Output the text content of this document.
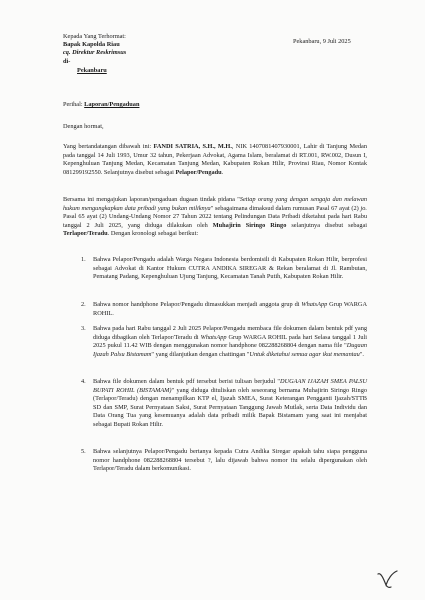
Kepada Yang Terhormat:
Bapak Kapolda Riau
cq. Direktur Reskrimsus
di-
Pekanbaru
Pekanbaru, 9 Juli 2025
Perihal: Laporan/Pengaduan
Dengan hormat,
Yang bertandatangan dibawah ini: FANDI SATRIA, S.H., M.H., NIK 1407081407930001, Lahir di Tanjung Medan pada tanggal 14 Juli 1993, Umur 32 tahun, Pekerjaan Advokat, Agama Islam, beralamat di RT.001, RW.002, Dusun I, Kepenghuluan Tanjung Medan, Kecamatan Tanjung Medan, Kabupaten Rokan Hilir, Provinsi Riau, Nomor Kontak 081299192550. Selanjutnya disebut sebagai Pelapor/Pengadu.
Bersama ini mengajukan laporan/pengaduan dugaan tindak pidana "Setiap orang yang dengan sengaja dan melawan hukum mengungkapkan data pribadi yang bukan miliknya" sebagaimana dimaksud dalam rumusan Pasal 67 ayat (2) jo. Pasal 65 ayat (2) Undang-Undang Nomor 27 Tahun 2022 tentang Pelindungan Data Pribadi diketahui pada hari Rabu tanggal 2 Juli 2025, yang diduga dilakukan oleh Muhajirin Siringo Ringo selanjutnya disebut sebagai Terlapor/Teradu. Dengan kronologi sebagai berikut:
1. Bahwa Pelapor/Pengadu adalah Warga Negara Indonesia berdomisili di Kabupaten Rokan Hilir, berprofesi sebagai Advokat di Kantor Hukum CUTRA ANDIKA SIREGAR & Rekan beralamat di Jl. Rambutan, Pematang Padang, Kepenghuluan Ujung Tanjung, Kecamatan Tanah Putih, Kabupaten Rokan Hilir.
2. Bahwa nomor handphone Pelapor/Pengadu dimasukkan menjadi anggota grup di WhatsApp Grup WARGA ROHIL.
3. Bahwa pada hari Rabu tanggal 2 Juli 2025 Pelapor/Pengadu membaca file dokumen dalam bentuk pdf yang diduga dibagikan oleh Terlapor/Teradu di WhatsApp Grup WARGA ROHIL pada hari Selasa tanggal 1 Juli 2025 pukul 11.42 WIB dengan menggunakan nomor handphone 082288268804 dengan nama file "Dugaan Ijazah Palsu Bistamam" yang dilanjutkan dengan chattingan "Untuk diketahui semua agar ikut memantau".
4. Bahwa file dokumen dalam bentuk pdf tersebut berisi tulisan berjudul "DUGAAN IJAZAH SMEA PALSU BUPATI ROHIL (BISTAMAM)" yang diduga dituliskan oleh seseorang bernama Muhajirin Siringo Ringo (Terlapor/Teradu) dengan menampilkan KTP el, Ijazah SMEA, Surat Keterangan Pengganti Ijazah/STTB SD dan SMP, Surat Pernyataan Saksi, Surat Pernyataan Tanggung Jawab Mutlak, serta Data Individu dan Data Orang Tua yang kesemuanya adalah data pribadi milik Bapak Bistamam yang saat ini menjabat sebagai Bupati Rokan Hilir.
5. Bahwa selanjutnya Pelapor/Pengadu bertanya kepada Cutra Andika Siregar apakah tahu siapa pengguna nomor handphone 082288268804 tersebut ?, lalu dijawab bahwa nomor itu selalu dipergunakan oleh Terlapor/Teradu dalam berkomunikasi.
